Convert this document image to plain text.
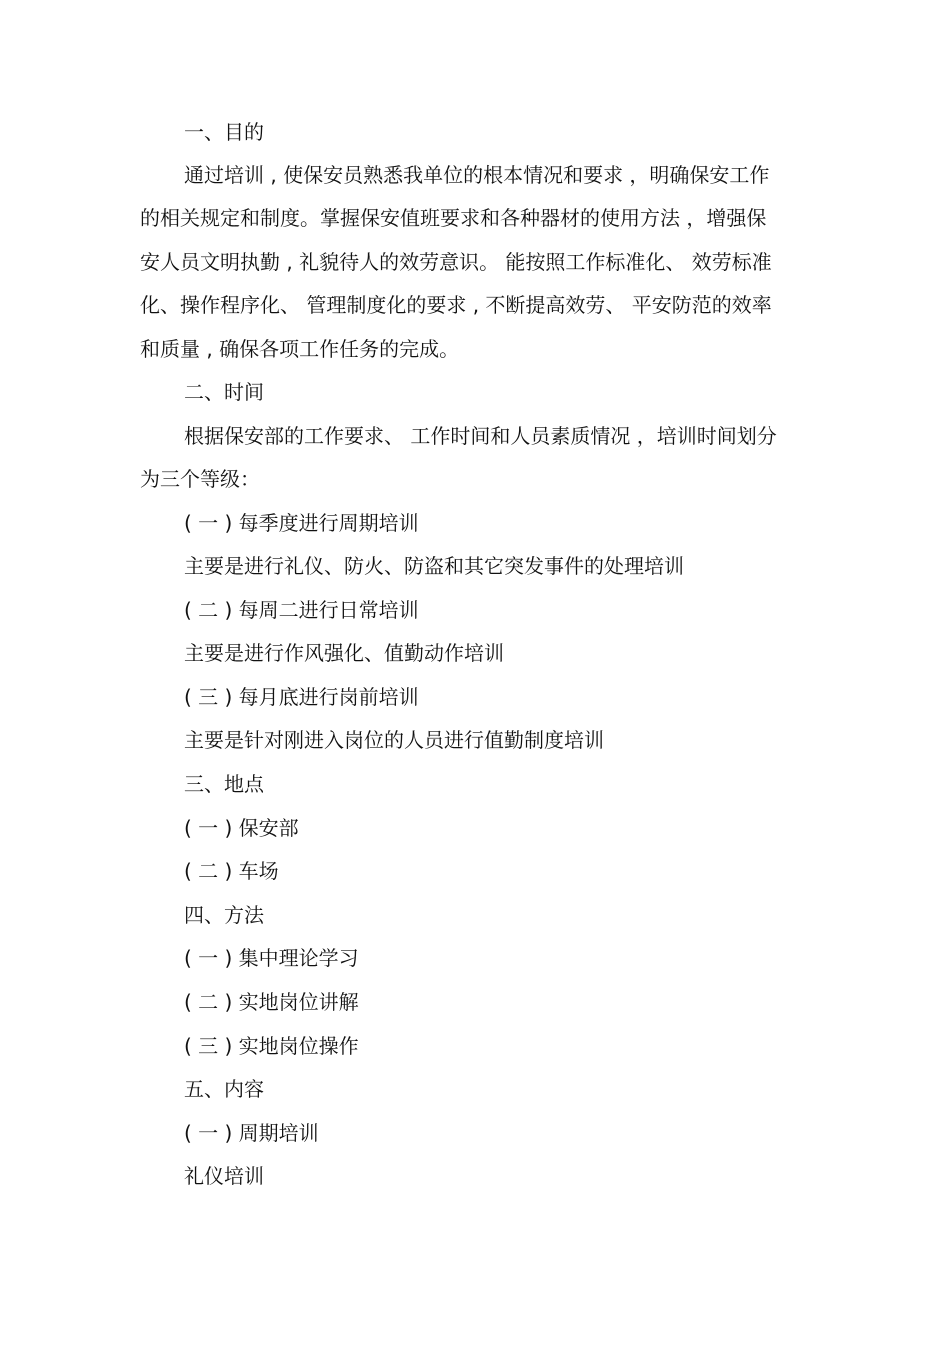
一、目的
通过培训 , 使保安员熟悉我单位的根本情况和要求 ，明确保安工作
的相关规定和制度。掌握保安值班要求和各种器材的使用方法 ，增强保
安人员文明执勤 , 礼貌待人的效劳意识。 能按照工作标准化、 效劳标准
化、操作程序化、 管理制度化的要求 , 不断提高效劳、 平安防范的效率
和质量 , 确保各项工作任务的完成。
二、时间
根据保安部的工作要求、 工作时间和人员素质情况 ，培训时间划分
为三个等级：
( 一 ) 每季度进行周期培训
主要是进行礼仪、防火、防盗和其它突发事件的处理培训
( 二 ) 每周二进行日常培训
主要是进行作风强化、值勤动作培训
( 三 ) 每月底进行岗前培训
主要是针对刚进入岗位的人员进行值勤制度培训
三、地点
( 一 ) 保安部
( 二 ) 车场
四、方法
( 一 ) 集中理论学习
( 二 ) 实地岗位讲解
( 三 ) 实地岗位操作
五、内容
( 一 ) 周期培训
礼仪培训
